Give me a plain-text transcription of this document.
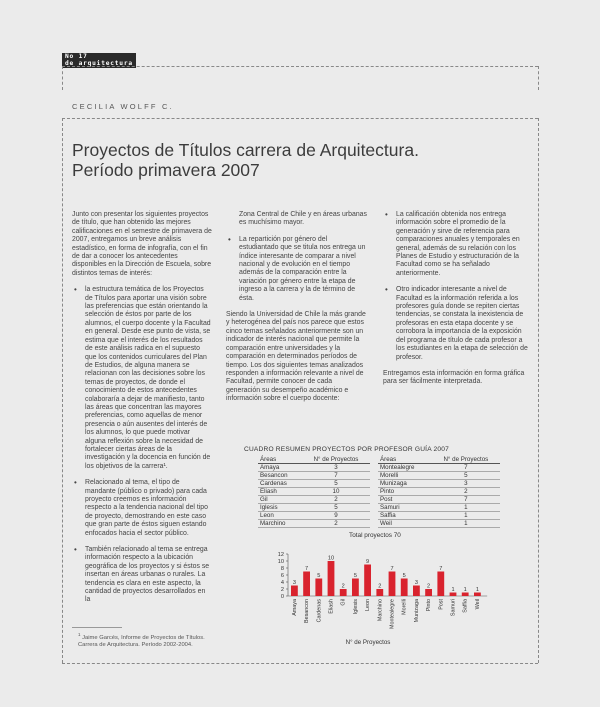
No 17
de arquitectura
CECILIA WOLFF C.
Proyectos de Títulos carrera de Arquitectura.
Período primavera 2007

Junto con presentar los siguientes proyectos de título, que han obtenido las mejores calificaciones en el semestre de primavera de 2007, entregamos un breve análisis estadístico, en forma de infografía, con el fin de dar a conocer los antecedentes disponibles en la Dirección de Escuela, sobre distintos temas de interés:

• la estructura temática de los Proyectos de Títulos para aportar una visión sobre las preferencias que están orientando la selección de éstos por parte de los alumnos, el cuerpo docente y la Facultad en general. Desde ese punto de vista, se estima que el interés de los resultados de este análisis radica en el supuesto que los contenidos curriculares del Plan de Estudios, de alguna manera se relacionan con las decisiones sobre los temas de proyectos, de donde el conocimiento de estos antecedentes colaboraría a dejar de manifiesto, tanto las áreas que concentran las mayores preferencias, como aquellas de menor presencia o aún ausentes del interés de los alumnos, lo que puede motivar alguna reflexión sobre la necesidad de fortalecer ciertas áreas de la investigación y la docencia en función de los objetivos de la carrera¹.
• Relacionado al tema, el tipo de mandante (público o privado) para cada proyecto creemos es información respecto a la tendencia nacional del tipo de proyecto, demostrando en este caso que gran parte de éstos siguen estando enfocados hacia el sector público.
• También relacionado al tema se entrega información respecto a la ubicación geográfica de los proyectos y si éstos se insertan en áreas urbanas o rurales. La tendencia es clara en este aspecto, la cantidad de proyectos desarrollados en la

Zona Central de Chile y en áreas urbanas es muchísimo mayor.

• La repartición por género del estudiantado que se titula nos entrega un índice interesante de comparar a nivel nacional y de evolución en el tiempo además de la comparación entre la variación por género entre la etapa de ingreso a la carrera y la de término de ésta.

Siendo la Universidad de Chile la más grande y heterogénea del país nos parece que estos cinco temas señalados anteriormente son un indicador de interés nacional que permite la comparación entre universidades y la comparación en determinados períodos de tiempo. Los dos siguientes temas analizados responden a información relevante a nivel de Facultad, permite conocer de cada generación su desempeño académico e información sobre el cuerpo docente:

• La calificación obtenida nos entrega información sobre el promedio de la generación y sirve de referencia para comparaciones anuales y temporales en general, además de su relación con los Planes de Estudio y estructuración de la Facultad como se ha señalado anteriormente.
• Otro indicador interesante a nivel de Facultad es la información referida a los profesores guía donde se repiten ciertas tendencias, se constata la inexistencia de profesoras en esta etapa docente y se corrobora la importancia de la exposición del programa de título de cada profesor a los estudiantes en la etapa de selección de profesor.

Entregamos esta información en forma gráfica para ser fácilmente interpretada.

CUADRO RESUMEN PROYECTOS POR PROFESOR GUÍA 2007
Áreas	N° de Proyectos
Amaya	3
Besancon	7
Cardenas	5
Eliash	10
Gil	2
Iglesis	5
Leon	9
Marchino	2
Áreas	N° de Proyectos
Montealegre	7
Morelli	5
Munizaga	3
Pinto	2
Post	7
Samuri	1
Saffia	1
Weil	1
Total proyectos 70
0
2
4
6
8
10
12
3
Amaya
7
Besancon
5
Cardenas
10
Eliash
2
Gil
5
Iglesis
9
Leon
2
Marchino
7
Montealegre
5
Morelli
3
Munizaga
2
Pinto
7
Post
1
Samuri
1
Saffia
1
Weil
N° de Proyectos
$^1$ Jaime Garcés, Informe de Proyectos de Títulos.
Carrera de Arquitectura. Período 2002-2004.
